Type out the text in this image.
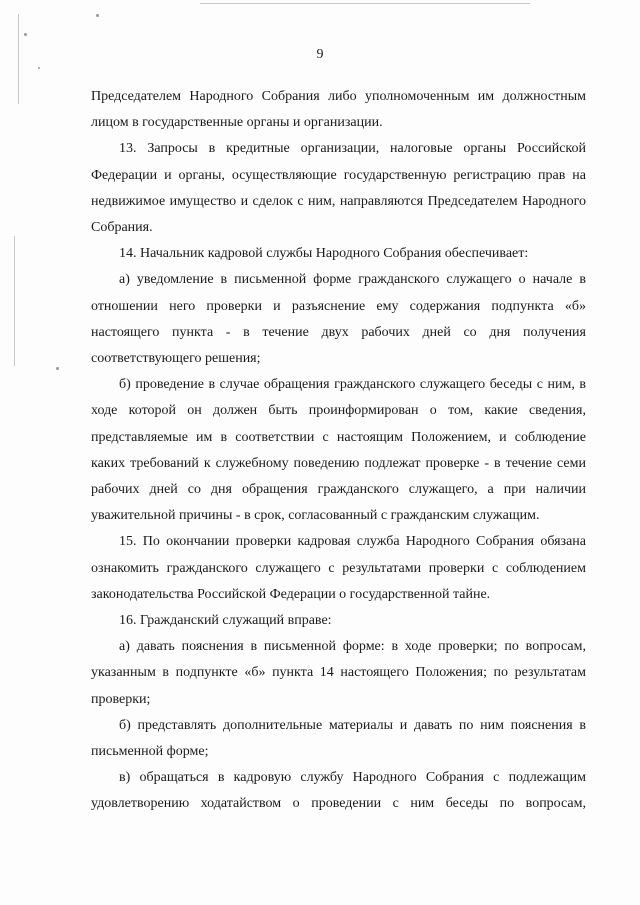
9

Председателем Народного Собрания либо уполномоченным им должностным лицом в государственные органы и организации.

13. Запросы в кредитные организации, налоговые органы Российской Федерации и органы, осуществляющие государственную регистрацию прав на недвижимое имущество и сделок с ним, направляются Председателем Народного Собрания.

14. Начальник кадровой службы Народного Собрания обеспечивает:

а) уведомление в письменной форме гражданского служащего о начале в отношении него проверки и разъяснение ему содержания подпункта «б» настоящего пункта - в течение двух рабочих дней со дня получения соответствующего решения;

б) проведение в случае обращения гражданского служащего беседы с ним, в ходе которой он должен быть проинформирован о том, какие сведения, представляемые им в соответствии с настоящим Положением, и соблюдение каких требований к служебному поведению подлежат проверке - в течение семи рабочих дней со дня обращения гражданского служащего, а при наличии уважительной причины - в срок, согласованный с гражданским служащим.

15. По окончании проверки кадровая служба Народного Собрания обязана ознакомить гражданского служащего с результатами проверки с соблюдением законодательства Российской Федерации о государственной тайне.

16. Гражданский служащий вправе:

а) давать пояснения в письменной форме: в ходе проверки; по вопросам, указанным в подпункте «б» пункта 14 настоящего Положения; по результатам проверки;

б) представлять дополнительные материалы и давать по ним пояснения в письменной форме;

в) обращаться в кадровую службу Народного Собрания с подлежащим удовлетворению ходатайством о проведении с ним беседы по вопросам,
